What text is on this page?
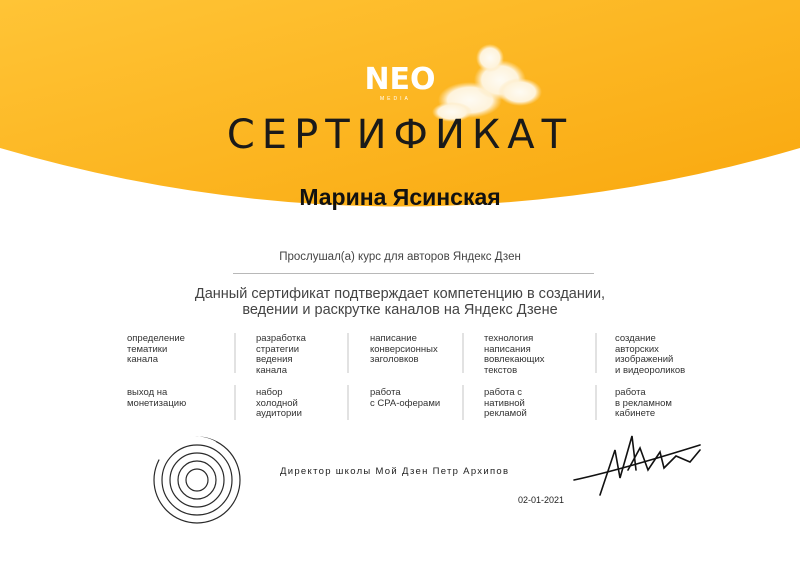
NEO
MEDIA
СЕРТИФИКАТ
Марина Ясинская
Прослушал(а) курс для авторов Яндекс Дзен
Данный сертификат подтверждает компетенцию в создании,
ведении и раскрутке каналов на Яндекс Дзене
определение
тематики
канала
разработка
стратегии
ведения
канала
написание
конверсионных
заголовков
технология
написания
вовлекающих
текстов
создание
авторских
изображений
и видеороликов
выход на
монетизацию
набор
холодной
аудитории
работа
с CPA-оферами
работа с
нативной
рекламой
работа
в рекламном
кабинете
Директор школы Мой Дзен Петр Архипов
02-01-2021
